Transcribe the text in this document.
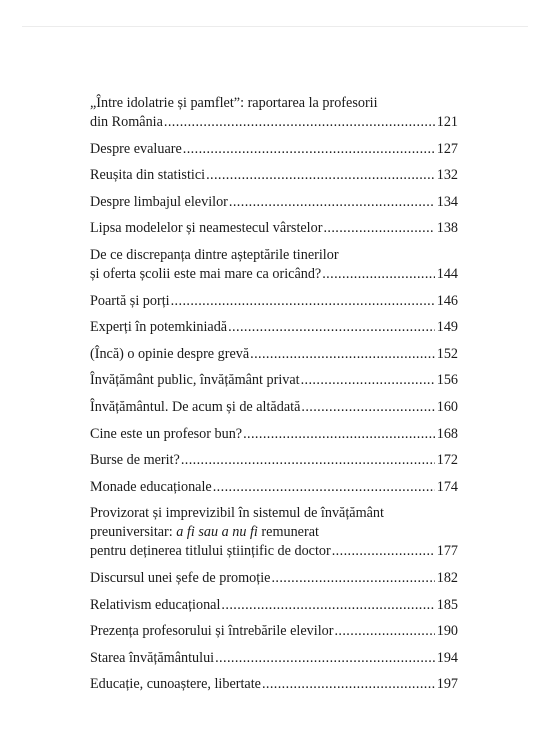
„Între idolatrie și pamflet”: raportarea la profesorii
din România .....	121
Despre evaluare .....	127
Reușita din statistici .....	132
Despre limbajul elevilor .....	134
Lipsa modelelor și neamestecul vârstelor .....	138
De ce discrepanța dintre așteptările tinerilor
și oferta școlii este mai mare ca oricând? .....	144
Poartă și porți .....	146
Experți în potemkiniadă .....	149
(Încă) o opinie despre grevă .....	152
Învățământ public, învățământ privat .....	156
Învățământul. De acum și de altădată .....	160
Cine este un profesor bun? .....	168
Burse de merit? .....	172
Monade educaționale .....	174
Provizorat și imprevizibil în sistemul de învățământ
preuniversitar: a fi sau a nu fi remunerat
pentru deținerea titlului științific de doctor .....	177
Discursul unei șefe de promoție .....	182
Relativism educațional .....	185
Prezența profesorului și întrebările elevilor .....	190
Starea învățământului .....	194
Educație, cunoaștere, libertate .....	197
